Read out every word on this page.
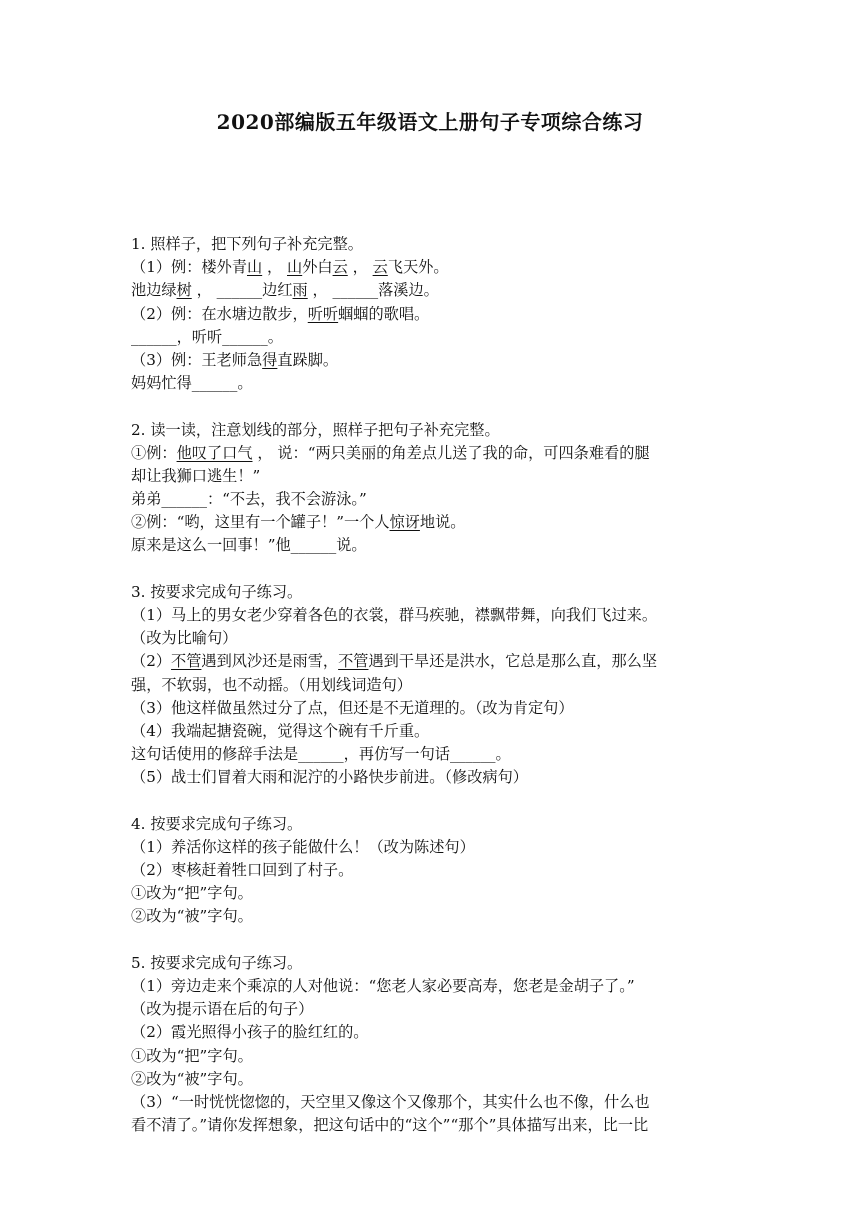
2020部编版五年级语文上册句子专项综合练习
1. 照样子，把下列句子补充完整。
（1）例：楼外青山 ， 山外白云 ， 云飞天外。
池边绿树 ， ______边红雨 ， ______落溪边。
（2）例：在水塘边散步，听听蝈蝈的歌唱。
______，听听______。
（3）例：王老师急得直跺脚。
妈妈忙得______。
2. 读一读，注意划线的部分，照样子把句子补充完整。
①例：他叹了口气 ， 说：“两只美丽的角差点儿送了我的命，可四条难看的腿
却让我狮口逃生！”
弟弟______：“不去，我不会游泳。”
②例：“哟，这里有一个罐子！”一个人惊讶地说。
原来是这么一回事！”他______说。
3. 按要求完成句子练习。
（1）马上的男女老少穿着各色的衣裳，群马疾驰，襟飘带舞，向我们飞过来。
（改为比喻句）
（2）不管遇到风沙还是雨雪，不管遇到干旱还是洪水，它总是那么直，那么坚
强，不软弱，也不动摇。（用划线词造句）
（3）他这样做虽然过分了点，但还是不无道理的。（改为肯定句）
（4）我端起搪瓷碗，觉得这个碗有千斤重。
这句话使用的修辞手法是______，再仿写一句话______。
（5）战士们冒着大雨和泥泞的小路快步前进。（修改病句）
4. 按要求完成句子练习。
（1）养活你这样的孩子能做什么！（改为陈述句）
（2）枣核赶着牲口回到了村子。
①改为“把”字句。
②改为“被”字句。
5. 按要求完成句子练习。
（1）旁边走来个乘凉的人对他说：“您老人家必要高寿，您老是金胡子了。”
（改为提示语在后的句子）
（2）霞光照得小孩子的脸红红的。
①改为“把”字句。
②改为“被”字句。
（3）“一时恍恍惚惚的，天空里又像这个又像那个，其实什么也不像，什么也
看不清了。”请你发挥想象，把这句话中的“这个”“那个”具体描写出来，比一比
